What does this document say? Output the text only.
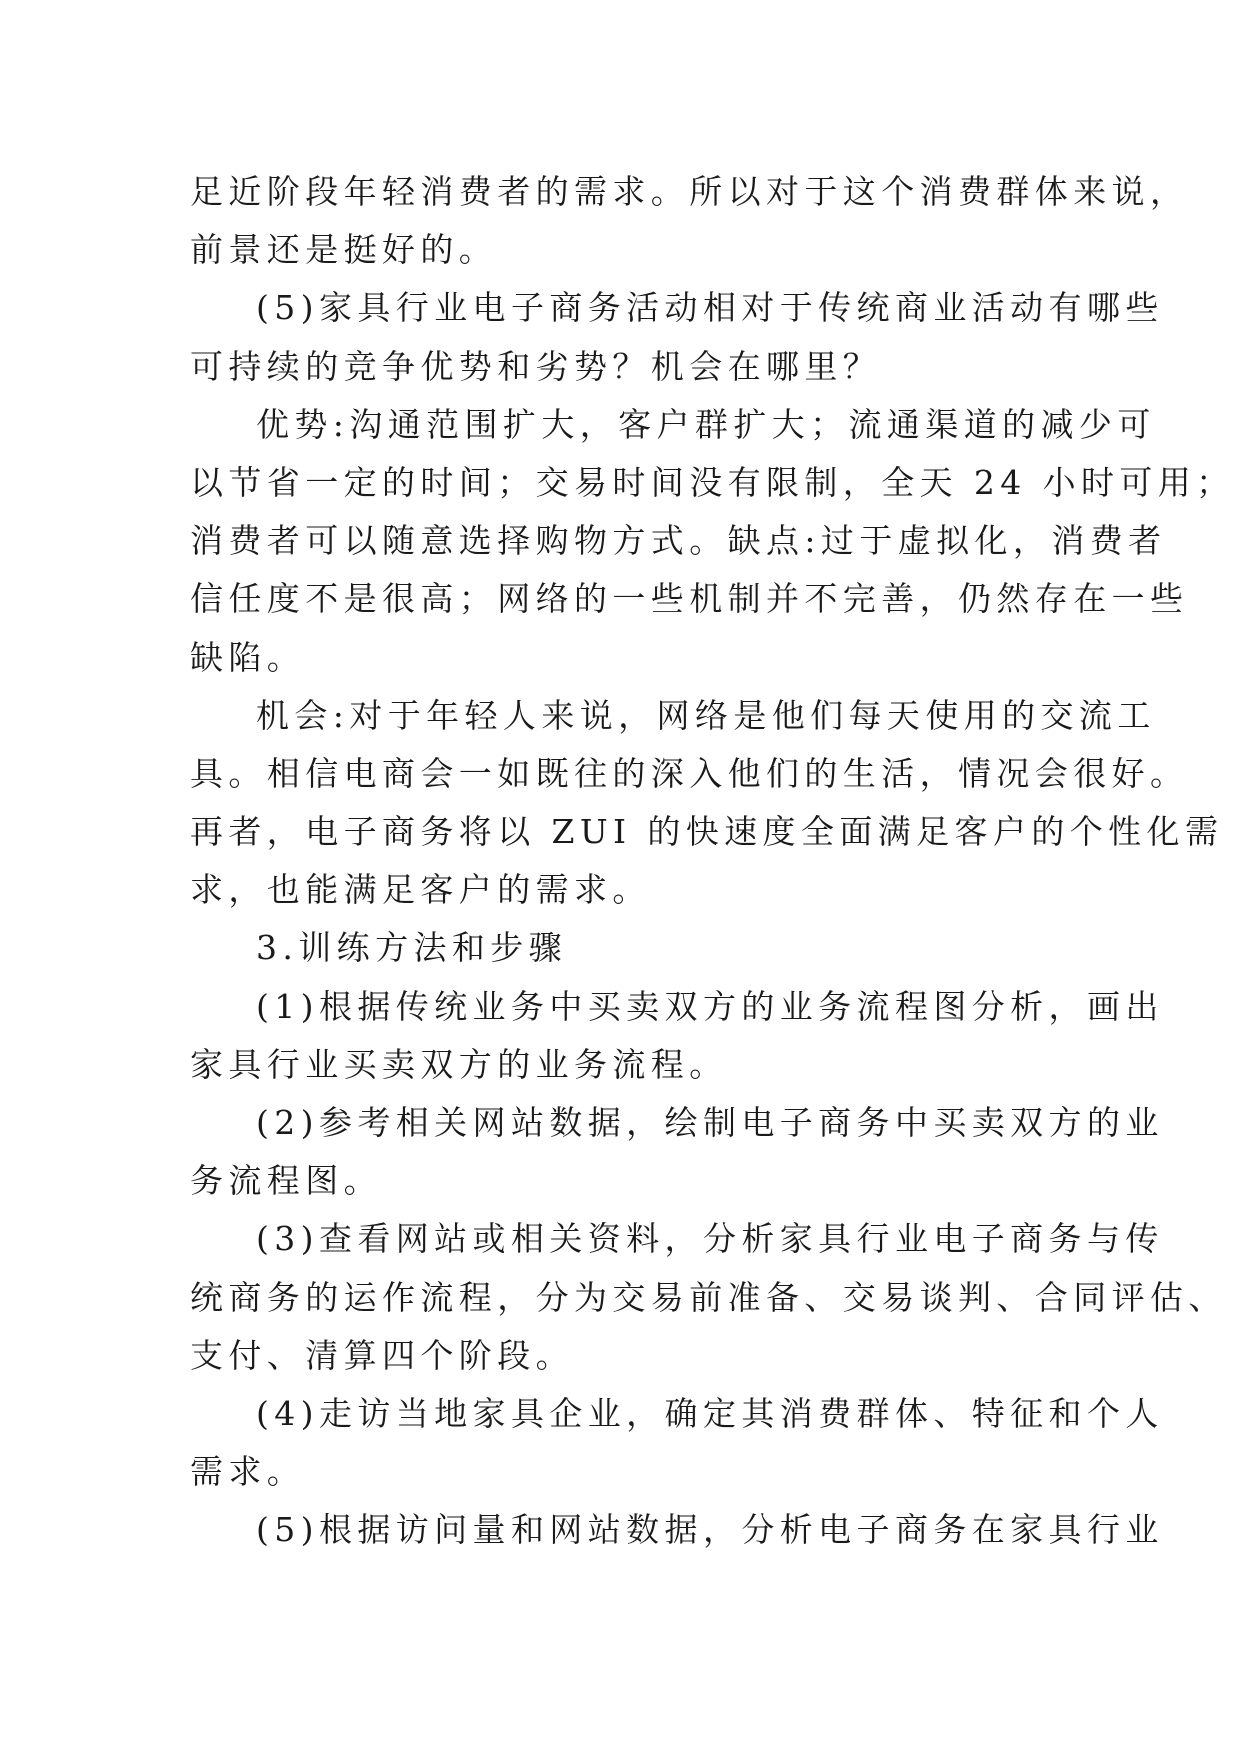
足近阶段年轻消费者的需求。所以对于这个消费群体来说，
前景还是挺好的。
(5)家具行业电子商务活动相对于传统商业活动有哪些
可持续的竞争优势和劣势？机会在哪里？
优势:沟通范围扩大，客户群扩大；流通渠道的减少可
以节省一定的时间；交易时间没有限制，全天 24 小时可用；
消费者可以随意选择购物方式。缺点:过于虚拟化，消费者
信任度不是很高；网络的一些机制并不完善，仍然存在一些
缺陷。
机会:对于年轻人来说，网络是他们每天使用的交流工
具。相信电商会一如既往的深入他们的生活，情况会很好。
再者，电子商务将以 ZUI 的快速度全面满足客户的个性化需
求，也能满足客户的需求。
3.训练方法和步骤
(1)根据传统业务中买卖双方的业务流程图分析，画出
家具行业买卖双方的业务流程。
(2)参考相关网站数据，绘制电子商务中买卖双方的业
务流程图。
(3)查看网站或相关资料，分析家具行业电子商务与传
统商务的运作流程，分为交易前准备、交易谈判、合同评估、
支付、清算四个阶段。
(4)走访当地家具企业，确定其消费群体、特征和个人
需求。
(5)根据访问量和网站数据，分析电子商务在家具行业
